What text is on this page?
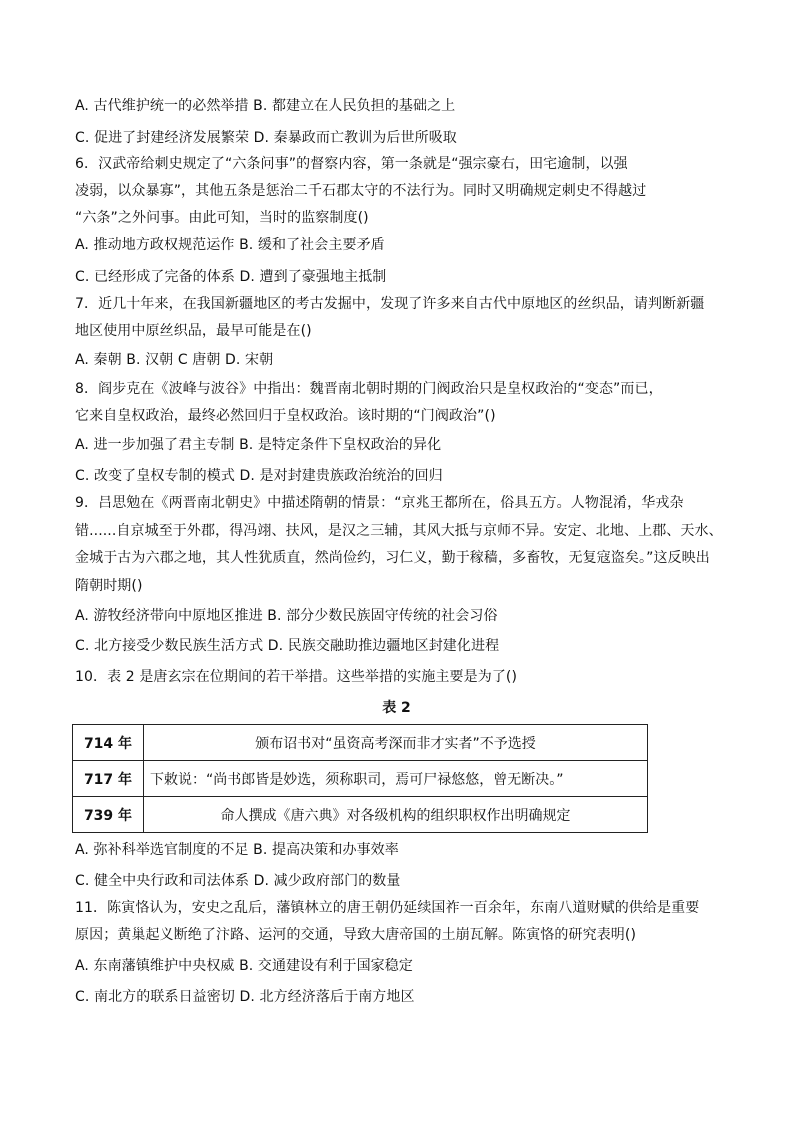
A. 古代维护统一的必然举措 B. 都建立在人民负担的基础之上
C. 促进了封建经济发展繁荣 D. 秦暴政而亡教训为后世所吸取
6．汉武帝给刺史规定了“六条问事”的督察内容，第一条就是“强宗豪右，田宅逾制，以强
凌弱，以众暴寡”，其他五条是惩治二千石郡太守的不法行为。同时又明确规定刺史不得越过
“六条”之外问事。由此可知，当时的监察制度()
A. 推动地方政权规范运作 B. 缓和了社会主要矛盾
C. 已经形成了完备的体系 D. 遭到了豪强地主抵制
7．近几十年来，在我国新疆地区的考古发掘中，发现了许多来自古代中原地区的丝织品，请判断新疆
地区使用中原丝织品，最早可能是在()
A. 秦朝 B. 汉朝 C 唐朝 D. 宋朝
8．阎步克在《波峰与波谷》中指出：魏晋南北朝时期的门阀政治只是皇权政治的“变态”而已，
它来自皇权政治，最终必然回归于皇权政治。该时期的“门阀政治”()
A. 进一步加强了君主专制 B. 是特定条件下皇权政治的异化
C. 改变了皇权专制的模式 D. 是对封建贵族政治统治的回归
9．吕思勉在《两晋南北朝史》中描述隋朝的情景：“京兆王都所在，俗具五方。人物混淆，华戎杂
错......自京城至于外郡，得冯翊、扶风，是汉之三辅，其风大抵与京师不异。安定、北地、上郡、天水、
金城于古为六郡之地，其人性犹质直，然尚俭约，习仁义，勤于稼穑，多畜牧，无复寇盗矣。”这反映出
隋朝时期()
A. 游牧经济带向中原地区推进 B. 部分少数民族固守传统的社会习俗
C. 北方接受少数民族生活方式 D. 民族交融助推边疆地区封建化进程
10．表 2 是唐玄宗在位期间的若干举措。这些举措的实施主要是为了()
A. 弥补科举选官制度的不足 B. 提高决策和办事效率
C. 健全中央行政和司法体系 D. 减少政府部门的数量
11．陈寅恪认为，安史之乱后，藩镇林立的唐王朝仍延续国祚一百余年，东南八道财赋的供给是重要
原因；黄巢起义断绝了汴路、运河的交通，导致大唐帝国的土崩瓦解。陈寅恪的研究表明()
A. 东南藩镇维护中央权威 B. 交通建设有利于国家稳定
C. 南北方的联系日益密切 D. 北方经济落后于南方地区
表 2
714 年	颁布诏书对“虽资高考深而非才实者”不予选授
717 年	下敕说：“尚书郎皆是妙选，须称职司，焉可尸禄悠悠，曾无断决。”
739 年	命人撰成《唐六典》对各级机构的组织职权作出明确规定
